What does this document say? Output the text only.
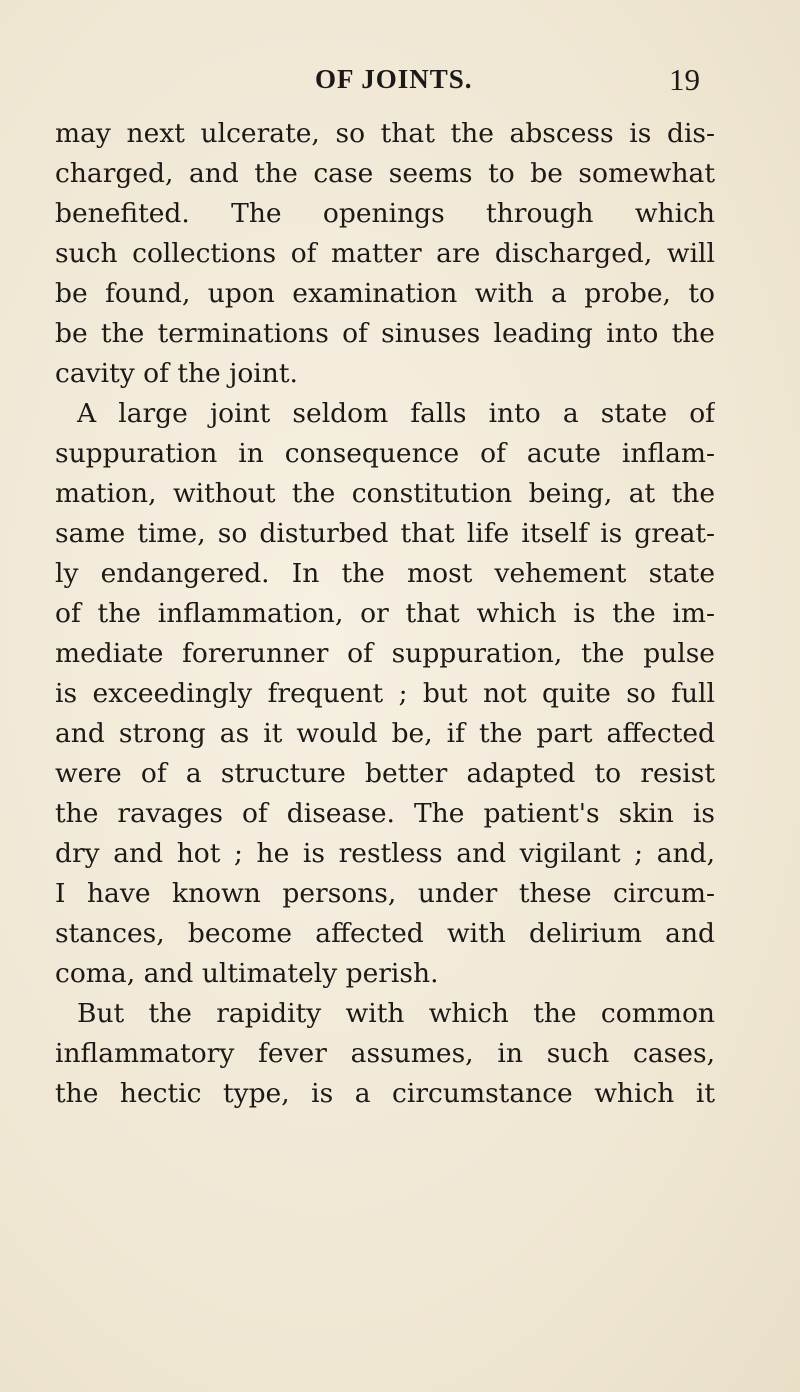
OF JOINTS.	19
may next ulcerate, so that the abscess is dis-
charged, and the case seems to be somewhat
benefited. The openings through which
such collections of matter are discharged, will
be found, upon examination with a probe, to
be the terminations of sinuses leading into the
cavity of the joint.
A large joint seldom falls into a state of
suppuration in consequence of acute inflam-
mation, without the constitution being, at the
same time, so disturbed that life itself is great-
ly endangered. In the most vehement state
of the inflammation, or that which is the im-
mediate forerunner of suppuration, the pulse
is exceedingly frequent ; but not quite so full
and strong as it would be, if the part affected
were of a structure better adapted to resist
the ravages of disease. The patient's skin is
dry and hot ; he is restless and vigilant ; and,
I have known persons, under these circum-
stances, become affected with delirium and
coma, and ultimately perish.
But the rapidity with which the common
inflammatory fever assumes, in such cases,
the hectic type, is a circumstance which it
